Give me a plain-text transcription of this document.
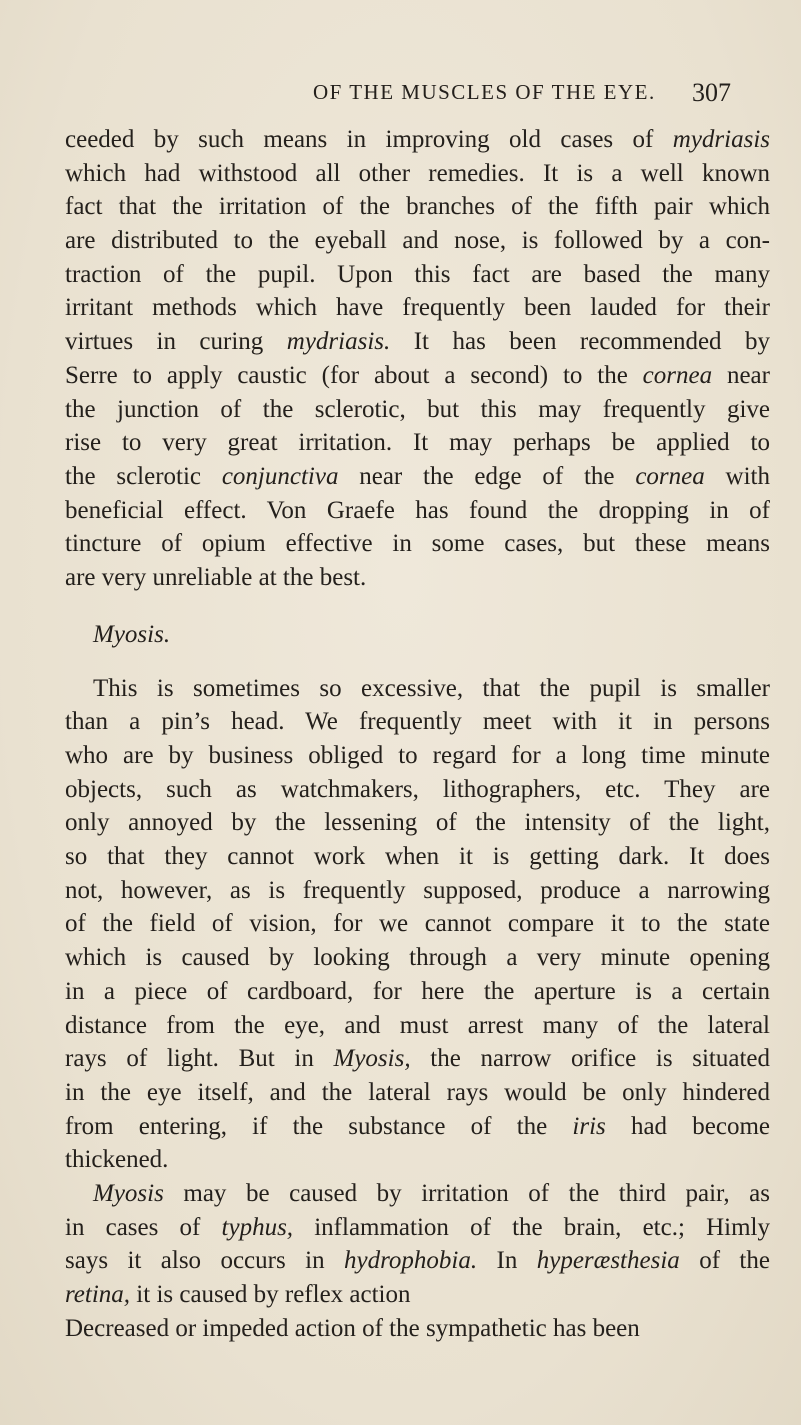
OF THE MUSCLES OF THE EYE. 307
ceeded by such means in improving old cases of mydriasis
which had withstood all other remedies. It is a well known
fact that the irritation of the branches of the fifth pair which
are distributed to the eyeball and nose, is followed by a con-
traction of the pupil. Upon this fact are based the many
irritant methods which have frequently been lauded for their
virtues in curing mydriasis. It has been recommended by
Serre to apply caustic (for about a second) to the cornea near
the junction of the sclerotic, but this may frequently give
rise to very great irritation. It may perhaps be applied to
the sclerotic conjunctiva near the edge of the cornea with
beneficial effect. Von Graefe has found the dropping in of
tincture of opium effective in some cases, but these means
are very unreliable at the best.
Myosis.
This is sometimes so excessive, that the pupil is smaller
than a pin’s head. We frequently meet with it in persons
who are by business obliged to regard for a long time minute
objects, such as watchmakers, lithographers, etc. They are
only annoyed by the lessening of the intensity of the light,
so that they cannot work when it is getting dark. It does
not, however, as is frequently supposed, produce a narrowing
of the field of vision, for we cannot compare it to the state
which is caused by looking through a very minute opening
in a piece of cardboard, for here the aperture is a certain
distance from the eye, and must arrest many of the lateral
rays of light. But in Myosis, the narrow orifice is situated
in the eye itself, and the lateral rays would be only hindered
from entering, if the substance of the iris had become
thickened.
Myosis may be caused by irritation of the third pair, as
in cases of typhus, inflammation of the brain, etc.; Himly
says it also occurs in hydrophobia. In hyperæsthesia of the
retina, it is caused by reflex action
Decreased or impeded action of the sympathetic has been
